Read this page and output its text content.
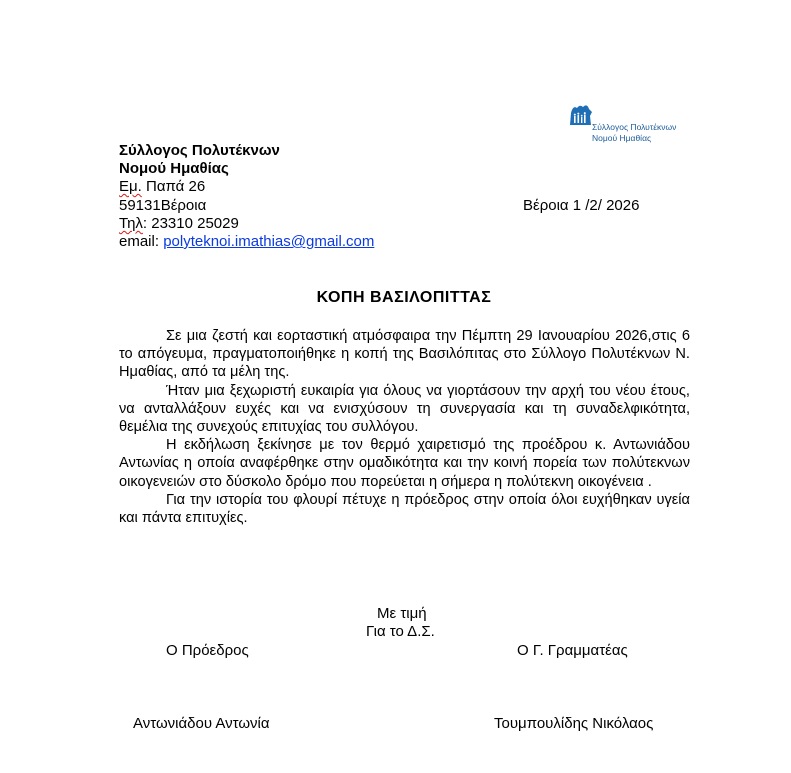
Σύλλογος Πολυτέκνων
Νομού Ημαθίας
Σύλλογος Πολυτέκνων
Νομού Ημαθίας
Εμ. Παπά 26
59131Βέροια
Τηλ: 23310 25029
email: polyteknoi.imathias@gmail.com
Βέροια 1 /2/ 2026
ΚΟΠΗ ΒΑΣΙΛΟΠΙΤΤΑΣ

Σε μια ζεστή και εορταστική ατμόσφαιρα την Πέμπτη 29 Ιανουαρίου 2026,στις 6 το απόγευμα, πραγματοποιήθηκε η κοπή της Βασιλόπιτας στο Σύλλογο Πολυτέκνων Ν. Ημαθίας, από τα μέλη της.

Ήταν μια ξεχωριστή ευκαιρία για όλους να γιορτάσουν την αρχή του νέου έτους, να ανταλλάξουν ευχές και να ενισχύσουν τη συνεργασία και τη συναδελφικότητα, θεμέλια της συνεχούς επιτυχίας του συλλόγου.

Η εκδήλωση ξεκίνησε με τον θερμό χαιρετισμό της προέδρου κ. Αντωνιάδου Αντωνίας η οποία αναφέρθηκε στην ομαδικότητα και την κοινή πορεία των πολύτεκνων οικογενειών στο δύσκολο δρόμο που πορεύεται η σήμερα η πολύτεκνη οικογένεια .

Για την ιστορία του φλουρί πέτυχε η πρόεδρος στην οποία όλοι ευχήθηκαν υγεία και πάντα επιτυχίες.

Με τιμή
Για το Δ.Σ.
Ο Πρόεδρος	Ο Γ. Γραμματέας
Αντωνιάδου Αντωνία	Τουμπουλίδης Νικόλαος
